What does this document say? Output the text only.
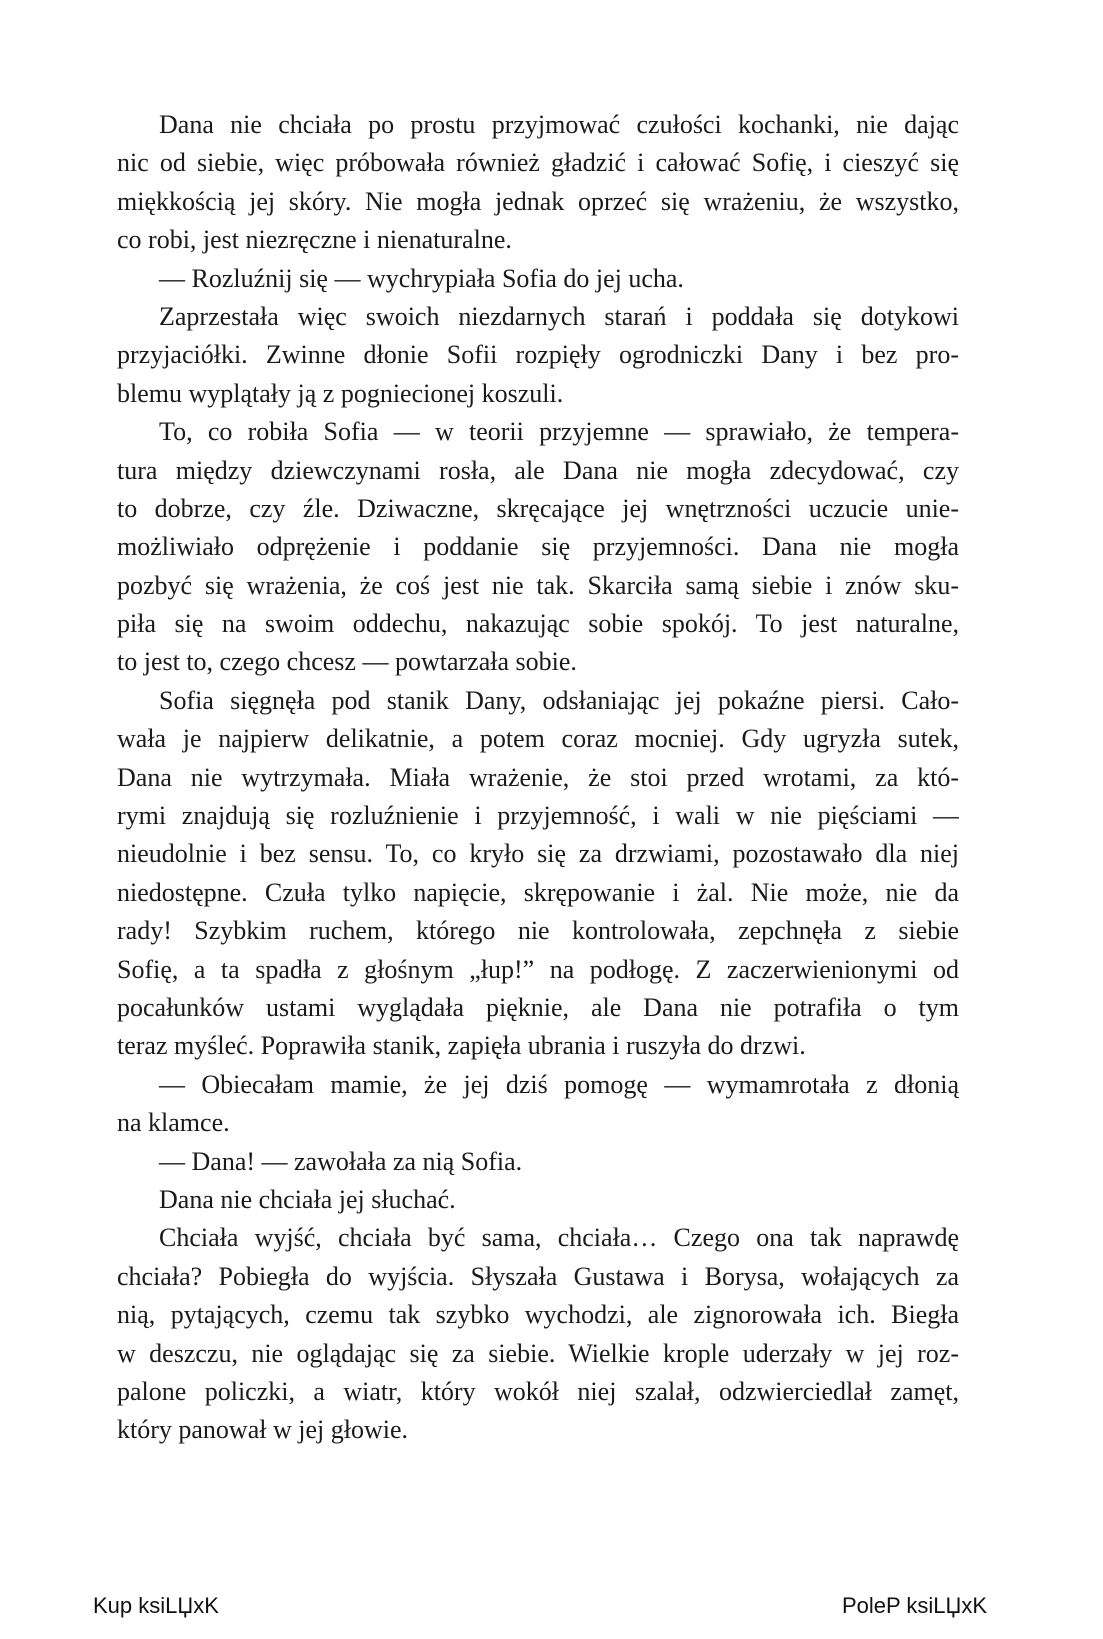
Dana nie chciała po prostu przyjmować czułości kochanki, nie dając
nic od siebie, więc próbowała również gładzić i całować Sofię, i cieszyć się
miękkością jej skóry. Nie mogła jednak oprzeć się wrażeniu, że wszystko,
co robi, jest niezręczne i nienaturalne.
— Rozluźnij się — wychrypiała Sofia do jej ucha.
Zaprzestała więc swoich niezdarnych starań i poddała się dotykowi
przyjaciółki. Zwinne dłonie Sofii rozpięły ogrodniczki Dany i bez pro-
blemu wyplątały ją z pogniecionej koszuli.
To, co robiła Sofia — w teorii przyjemne — sprawiało, że tempera-
tura między dziewczynami rosła, ale Dana nie mogła zdecydować, czy
to dobrze, czy źle. Dziwaczne, skręcające jej wnętrzności uczucie unie-
możliwiało odprężenie i poddanie się przyjemności. Dana nie mogła
pozbyć się wrażenia, że coś jest nie tak. Skarciła samą siebie i znów sku-
piła się na swoim oddechu, nakazując sobie spokój. To jest naturalne,
to jest to, czego chcesz — powtarzała sobie.
Sofia sięgnęła pod stanik Dany, odsłaniając jej pokaźne piersi. Cało-
wała je najpierw delikatnie, a potem coraz mocniej. Gdy ugryzła sutek,
Dana nie wytrzymała. Miała wrażenie, że stoi przed wrotami, za któ-
rymi znajdują się rozluźnienie i przyjemność, i wali w nie pięściami —
nieudolnie i bez sensu. To, co kryło się za drzwiami, pozostawało dla niej
niedostępne. Czuła tylko napięcie, skrępowanie i żal. Nie może, nie da
rady! Szybkim ruchem, którego nie kontrolowała, zepchnęła z siebie
Sofię, a ta spadła z głośnym „łup!” na podłogę. Z zaczerwienionymi od
pocałunków ustami wyglądała pięknie, ale Dana nie potrafiła o tym
teraz myśleć. Poprawiła stanik, zapięła ubrania i ruszyła do drzwi.
— Obiecałam mamie, że jej dziś pomogę — wymamrotała z dłonią
na klamce.
— Dana! — zawołała za nią Sofia.
Dana nie chciała jej słuchać.
Chciała wyjść, chciała być sama, chciała… Czego ona tak naprawdę
chciała? Pobiegła do wyjścia. Słyszała Gustawa i Borysa, wołających za
nią, pytających, czemu tak szybko wychodzi, ale zignorowała ich. Biegła
w deszczu, nie oglądając się za siebie. Wielkie krople uderzały w jej roz-
palone policzki, a wiatr, który wokół niej szalał, odzwierciedlał zamęt,
który panował w jej głowie.
Kup ksiLЏxK	PoleP ksiLЏxK
